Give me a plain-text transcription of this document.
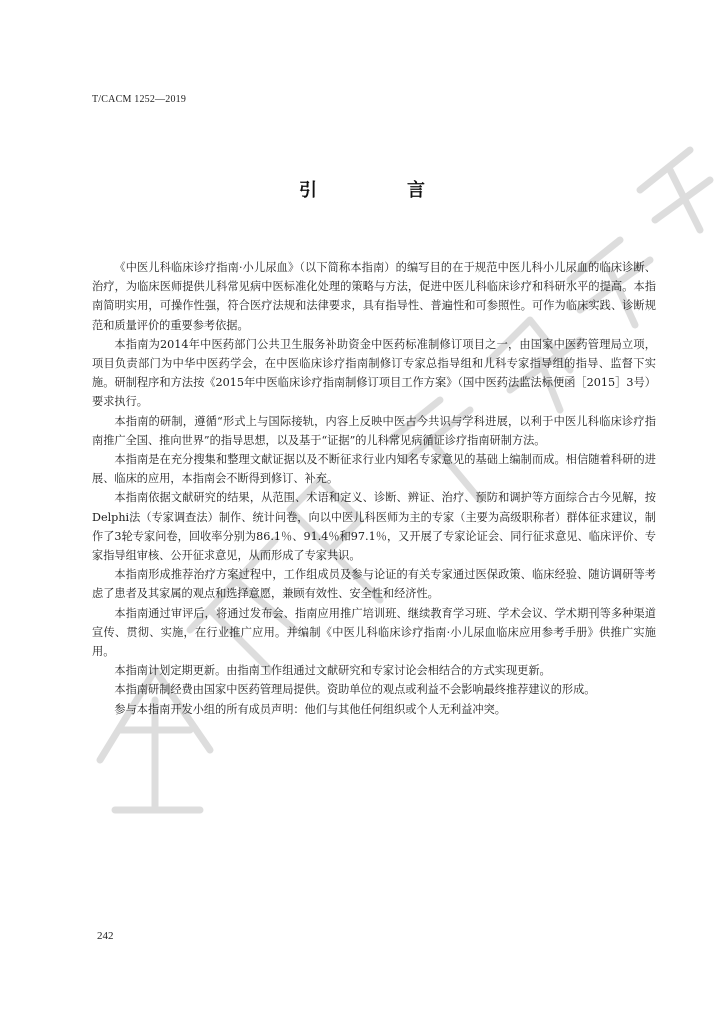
T/CACM 1252—2019
引　言

《中医儿科临床诊疗指南·小儿尿血》（以下简称本指南）的编写目的在于规范中医儿科小儿尿血的临床诊断、治疗，为临床医师提供儿科常见病中医标准化处理的策略与方法，促进中医儿科临床诊疗和科研水平的提高。本指南简明实用，可操作性强，符合医疗法规和法律要求，具有指导性、普遍性和可参照性。可作为临床实践、诊断规范和质量评价的重要参考依据。

本指南为2014年中医药部门公共卫生服务补助资金中医药标准制修订项目之一，由国家中医药管理局立项，项目负责部门为中华中医药学会，在中医临床诊疗指南制修订专家总指导组和儿科专家指导组的指导、监督下实施。研制程序和方法按《2015年中医临床诊疗指南制修订项目工作方案》（国中医药法监法标便函［2015］3号）要求执行。

本指南的研制，遵循“形式上与国际接轨，内容上反映中医古今共识与学科进展，以利于中医儿科临床诊疗指南推广全国、推向世界”的指导思想，以及基于“证据”的儿科常见病循证诊疗指南研制方法。

本指南是在充分搜集和整理文献证据以及不断征求行业内知名专家意见的基础上编制而成。相信随着科研的进展、临床的应用，本指南会不断得到修订、补充。

本指南依据文献研究的结果，从范围、术语和定义、诊断、辨证、治疗、预防和调护等方面综合古今见解，按Delphi法（专家调查法）制作、统计问卷，向以中医儿科医师为主的专家（主要为高级职称者）群体征求建议，制作了3轮专家问卷，回收率分别为86.1％、91.4％和97.1％，又开展了专家论证会、同行征求意见、临床评价、专家指导组审核、公开征求意见，从而形成了专家共识。

本指南形成推荐治疗方案过程中，工作组成员及参与论证的有关专家通过医保政策、临床经验、随访调研等考虑了患者及其家属的观点和选择意愿，兼顾有效性、安全性和经济性。

本指南通过审评后，将通过发布会、指南应用推广培训班、继续教育学习班、学术会议、学术期刊等多种渠道宣传、贯彻、实施，在行业推广应用。并编制《中医儿科临床诊疗指南·小儿尿血临床应用参考手册》供推广实施用。

本指南计划定期更新。由指南工作组通过文献研究和专家讨论会相结合的方式实现更新。

本指南研制经费由国家中医药管理局提供。资助单位的观点或利益不会影响最终推荐建议的形成。

参与本指南开发小组的所有成员声明：他们与其他任何组织或个人无利益冲突。

242
